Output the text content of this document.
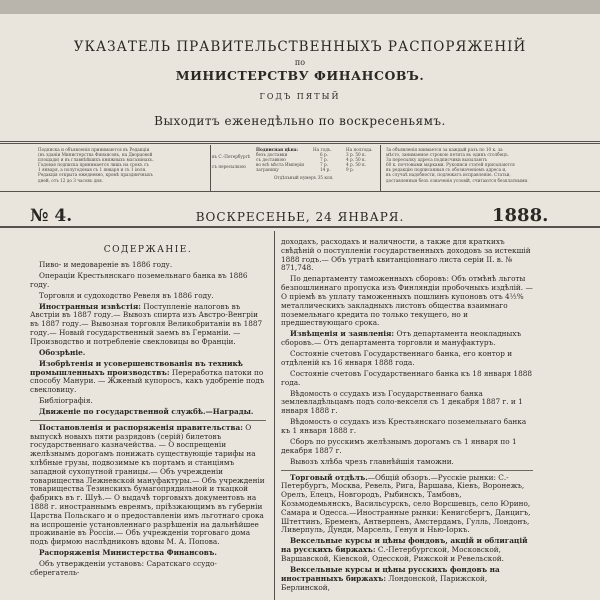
УКАЗАТЕЛЬ ПРАВИТЕЛЬСТВЕННЫХЪ РАСПОРЯЖЕНІЙ
по
МИНИСТЕРСТВУ ФИНАНСОВЪ.
ГОДЪ ПЯТЫЙ
Выходитъ еженедѣльно по воскресеньямъ.
Подписка и объявленія принимаются въ Редакціи
(въ зданіи Министерства Финансовъ, на Дворцовой
площади) и въ главнѣйшихъ книжныхъ магазинахъ.
Годовая подписка принимается лишь на срокъ съ
1 января, а полугодовая съ 1 января и съ 1 іюля.
Редакція открыта ежедневно, кромѣ праздничныхъ
дней, отъ 12 до 3 часовъ дня.
Подписная цѣна:	На годъ.	На полгода.
въ С.-Петербургѣ
съ пересылкою
безъ доставки	6 р.	3 р. 50 к.
съ доставкою	7 р.	4 р. 50 к.
во всѣ мѣста Имперіи	7 р.	4 р. 50 к.
заграницу	14 р.	9 р.
Отдѣльный нумеръ 35 коп.
За объявленія взимается за каждый разъ по 10 к. за
мѣсто, занимаемое строкою петита въ одинъ столбецъ.
За пересылку адреса подписчики высылаютъ
60 к. почтовыми марками. Рукописи статей присылаются
въ редакцію подписанныя съ обозначеніемъ адреса и,
въ случаѣ надобности, подлежатъ исправленію. Статьи,
доставленныя безъ означенія условій, считаются безплатными.
№ 4.	ВОСКРЕСЕНЬЕ, 24 ЯНВАРЯ.	1888.
СОДЕРЖАНІЕ.

Пиво- и медоваренiе въ 1886 году.

Операціи Крестьянскаго поземельнаго банка въ 1886 году.

Торговля и судоходство Ревеля въ 1886 году.

Иностранныя извѣстія: Поступленіе налоговъ въ Австріи въ 1887 году.— Вывозъ спирта изъ Австро-Венгріи въ 1887 году.— Вывозная торговля Великобританіи въ 1887 году.— Новый государственный заемъ въ Германіи. — Производство и потребленіе свекловицы во Франціи.

Обозрѣніе.

Изобрѣтенія и усовершенствованія въ техникѣ промышленныхъ производствъ: Переработка патоки по способу Манури. — Жженый купоросъ, какъ удобреніе подъ свекловицу.

Библіографія.

Движеніе по государственной службѣ.—Награды.

Постановленія и распоряженія правительства: О выпускѣ новыхъ пяти разрядовъ (серій) билетовъ государственнаго казначейства. — О воспрещеніи желѣзнымъ дорогамъ понижать существующіе тарифы на хлѣбные грузы, подвозимые къ портамъ и станціямъ западной сухопутной границы.— Объ учрежденіи товарищества Лежневской мануфактуры.— Объ учрежденіи товарищества Тезинскихъ бумагопрядильной и ткацкой фабрикъ въ г. Шуѣ.— О выдачѣ торговыхъ документовъ на 1888 г. иностраннымъ евреямъ, пріѣзжающимъ въ губерніи Царства Польскаго и о предоставленіи имъ льготнаго срока на испрошеніе установленнаго разрѣшенія на дальнѣйшее проживаніе въ Россіи.— Объ учрежденіи торговаго дома подъ фирмою наслѣдниковъ вдовы М. А. Попова.

Распоряженія Министерства Финансовъ.

Объ утвержденіи уставовъ: Саратскаго ссудо-сберегатель-

доходахъ, расходахъ и наличности, а также для краткихъ свѣдѣній о поступленіи государственныхъ доходовъ за истекшій 1888 годъ.— Объ утратѣ квитанціоннаго листа серіи II. в. № 871,748.

По департаменту таможенныхъ сборовъ: Объ отмѣнѣ льготы безпошлиннаго пропуска изъ Финляндіи пробочныхъ издѣлій. — О пріемѣ въ уплату таможенныхъ пошлинъ купоновъ отъ 4½% металлическихъ закладныхъ листовъ общества взаимнаго поземельнаго кредита по только текущего, но и предшествующаго срока.

Извѣщенія и заявленія: Отъ департамента неокладныхъ сборовъ.— Отъ департамента торговли и мануфактуръ.

Состояніе счетовъ Государственнаго банка, его контор и отдѣленій къ 16 января 1888 года.

Состояніе счетовъ Государственнаго банка къ 18 января 1888 года.

Вѣдомость о ссудахъ изъ Государственнаго банка землевладѣльцамъ подъ соло-векселя съ 1 декабря 1887 г. и 1 января 1888 г.

Вѣдомость о ссудахъ изъ Крестьянскаго поземельнаго банка къ 1 января 1888 г.

Сборъ по русскимъ желѣзнымъ дорогамъ съ 1 января по 1 декабря 1887 г.

Вывозъ хлѣба чрезъ главнѣйшія таможни.

Торговый отдѣлъ.—Общій обзоръ.—Русскіе рынки: С.-Петербургъ, Москва, Ревель, Рига, Варшава, Кіевъ, Воронежъ, Орелъ, Елецъ, Новгородъ, Рыбинскъ, Тамбовъ, Козьмодемьянскъ, Васильсурскъ, село Ворсшевцъ, село Юрино, Самара и Одесса.—Иностранные рынки: Кенигсбергъ, Данцигъ, Штеттинъ, Бременъ, Антверпенъ, Амстердамъ, Гулль, Лондонъ, Ливерпуль, Дунди, Марсель, Генуя и Нью-Іоркъ.

Вексельные курсы и цѣны фондовъ, акцій и облигацій на русскихъ биржахъ: С.-Петербургской, Московской, Варшавской, Кіевской, Одесской, Рижской и Ревельской.

Вексельные курсы и цѣны русскихъ фондовъ на иностранныхъ биржахъ: Лондонской, Парижской, Берлинской,
